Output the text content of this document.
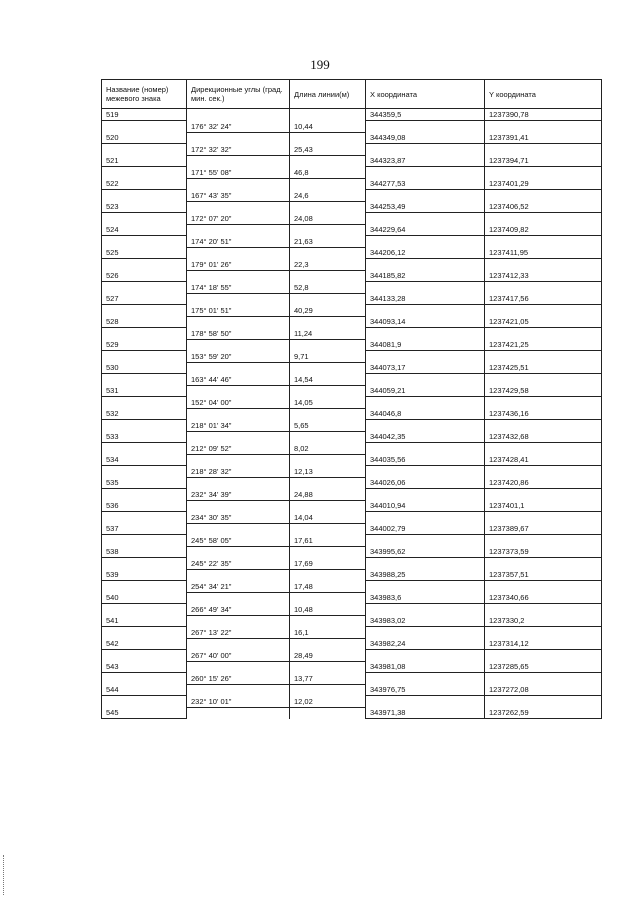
199
Название (номер) межевого знака	Дирекционные углы (град. мин. сек.)	Длина линии(м)	Х координата	Y координата
519			344359,5	1237390,78
	176° 32' 24"	10,44		
520			344349,08	1237391,41
	172° 32' 32"	25,43		
521			344323,87	1237394,71
	171° 55' 08"	46,8		
522			344277,53	1237401,29
	167° 43' 35"	24,6		
523			344253,49	1237406,52
	172° 07' 20"	24,08		
524			344229,64	1237409,82
	174° 20' 51"	21,63		
525			344206,12	1237411,95
	179° 01' 26"	22,3		
526			344185,82	1237412,33
	174° 18' 55"	52,8		
527			344133,28	1237417,56
	175° 01' 51"	40,29		
528			344093,14	1237421,05
	178° 58' 50"	11,24		
529			344081,9	1237421,25
	153° 59' 20"	9,71		
530			344073,17	1237425,51
	163° 44' 46"	14,54		
531			344059,21	1237429,58
	152° 04' 00"	14,05		
532			344046,8	1237436,16
	218° 01' 34"	5,65		
533			344042,35	1237432,68
	212° 09' 52"	8,02		
534			344035,56	1237428,41
	218° 28' 32"	12,13		
535			344026,06	1237420,86
	232° 34' 39"	24,88		
536			344010,94	1237401,1
	234° 30' 35"	14,04		
537			344002,79	1237389,67
	245° 58' 05"	17,61		
538			343995,62	1237373,59
	245° 22' 35"	17,69		
539			343988,25	1237357,51
	254° 34' 21"	17,48		
540			343983,6	1237340,66
	266° 49' 34"	10,48		
541			343983,02	1237330,2
	267° 13' 22"	16,1		
542			343982,24	1237314,12
	267° 40' 00"	28,49		
543			343981,08	1237285,65
	260° 15' 26"	13,77		
544			343976,75	1237272,08
	232° 10' 01"	12,02		
545			343971,38	1237262,59
